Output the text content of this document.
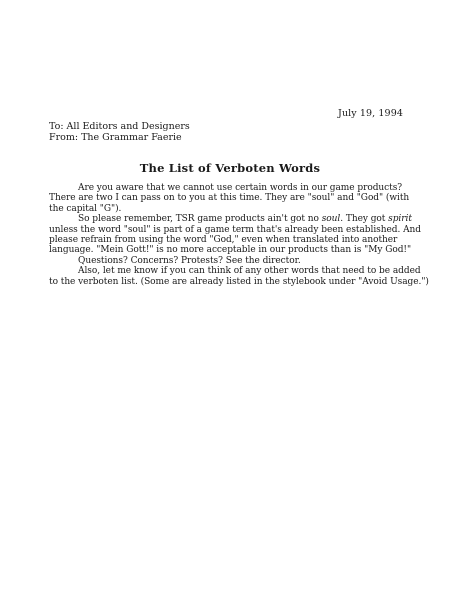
July 19, 1994
To: All Editors and Designers
From: The Grammar Faerie
The List of Verboten Words
Are you aware that we cannot use certain words in our game products?
There are two I can pass on to you at this time. They are "soul" and "God" (with
the capital "G").
So please remember, TSR game products ain't got no soul. They got spirit
unless the word "soul" is part of a game term that's already been established. And
please refrain from using the word "God," even when translated into another
language. "Mein Gott!" is no more acceptable in our products than is "My God!"
Questions? Concerns? Protests? See the director.
Also, let me know if you can think of any other words that need to be added
to the verboten list. (Some are already listed in the stylebook under "Avoid Usage.")
